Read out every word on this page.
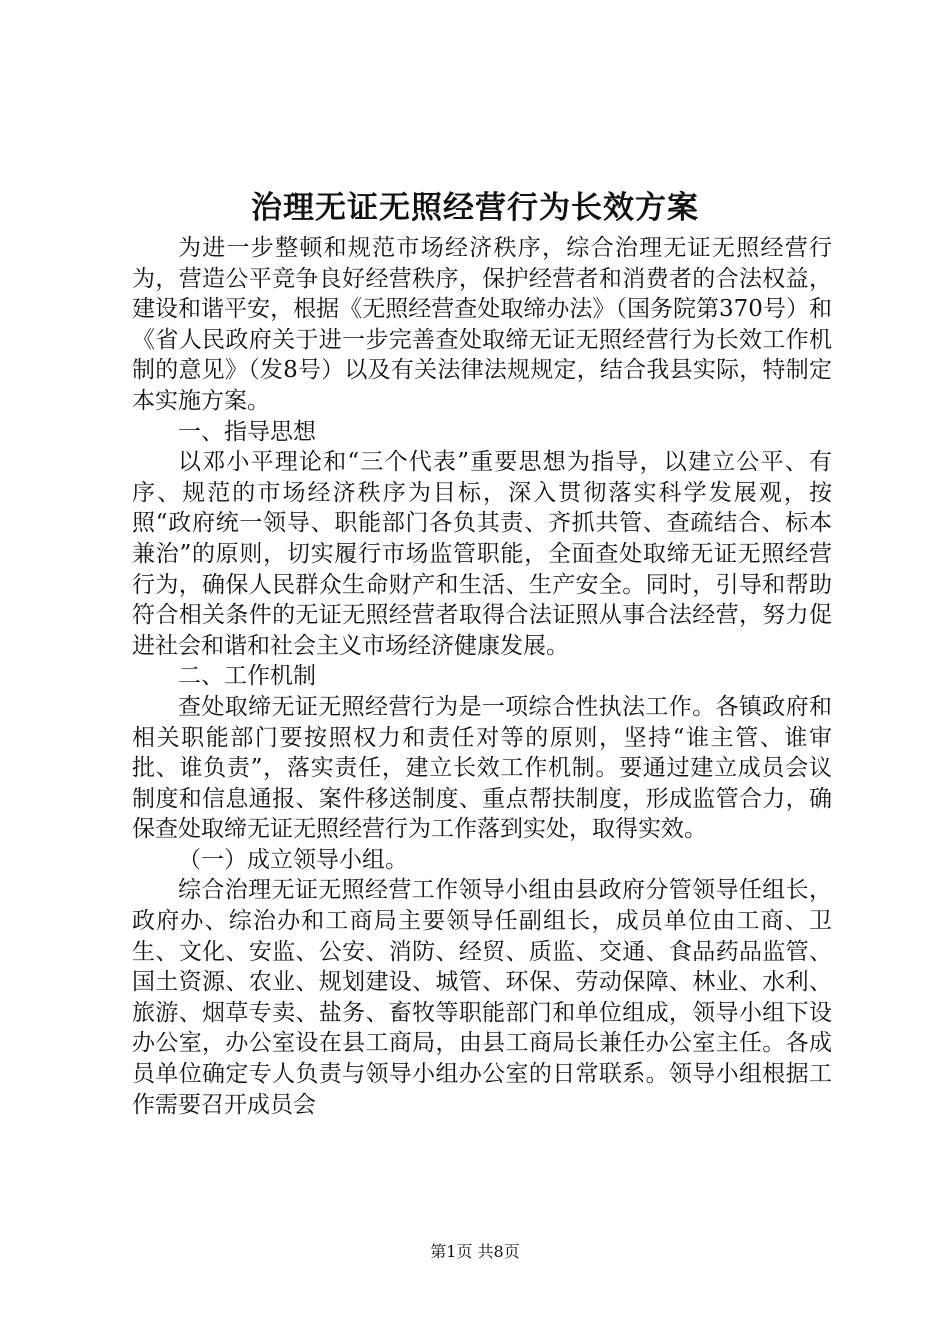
治理无证无照经营行为长效方案

为进一步整顿和规范市场经济秩序，综合治理无证无照经营行为，营造公平竞争良好经营秩序，保护经营者和消费者的合法权益，建设和谐平安，根据《无照经营查处取缔办法》（国务院第370号）和《省人民政府关于进一步完善查处取缔无证无照经营行为长效工作机制的意见》（发8号）以及有关法律法规规定，结合我县实际，特制定本实施方案。

一、指导思想

以邓小平理论和“三个代表”重要思想为指导，以建立公平、有序、规范的市场经济秩序为目标，深入贯彻落实科学发展观，按照“政府统一领导、职能部门各负其责、齐抓共管、查疏结合、标本兼治”的原则，切实履行市场监管职能，全面查处取缔无证无照经营行为，确保人民群众生命财产和生活、生产安全。同时，引导和帮助符合相关条件的无证无照经营者取得合法证照从事合法经营，努力促进社会和谐和社会主义市场经济健康发展。

二、工作机制

查处取缔无证无照经营行为是一项综合性执法工作。各镇政府和相关职能部门要按照权力和责任对等的原则，坚持“谁主管、谁审批、谁负责”，落实责任，建立长效工作机制。要通过建立成员会议制度和信息通报、案件移送制度、重点帮扶制度，形成监管合力，确保查处取缔无证无照经营行为工作落到实处，取得实效。

（一）成立领导小组。

综合治理无证无照经营工作领导小组由县政府分管领导任组长，政府办、综治办和工商局主要领导任副组长，成员单位由工商、卫生、文化、安监、公安、消防、经贸、质监、交通、食品药品监管、国土资源、农业、规划建设、城管、环保、劳动保障、林业、水利、旅游、烟草专卖、盐务、畜牧等职能部门和单位组成，领导小组下设办公室，办公室设在县工商局，由县工商局长兼任办公室主任。各成员单位确定专人负责与领导小组办公室的日常联系。领导小组根据工作需要召开成员会

第1页 共8页
